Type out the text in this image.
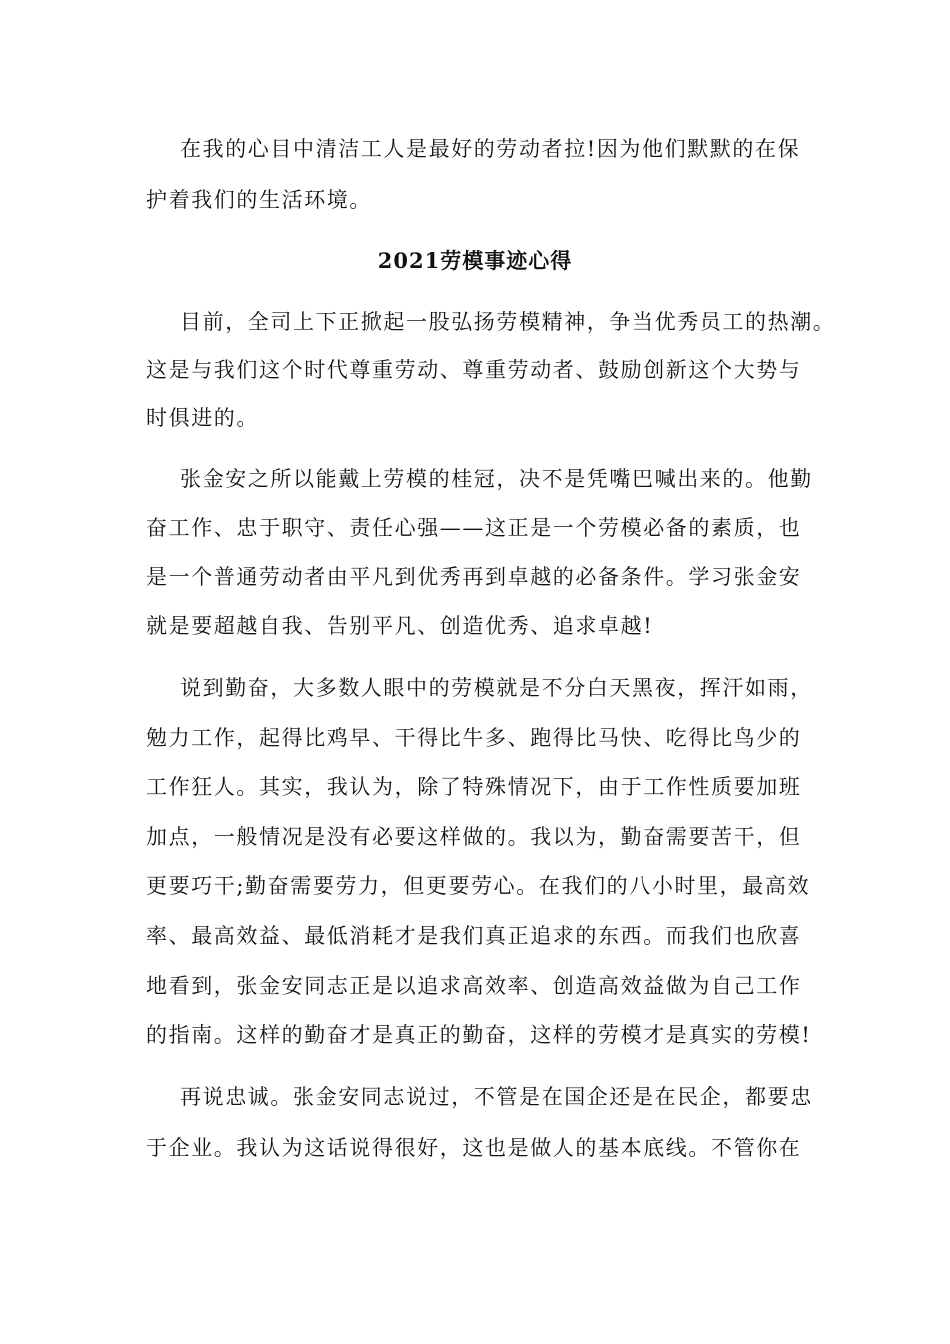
在我的心目中清洁工人是最好的劳动者拉!因为他们默默的在保
护着我们的生活环境。
2021劳模事迹心得
目前，全司上下正掀起一股弘扬劳模精神，争当优秀员工的热潮。
这是与我们这个时代尊重劳动、尊重劳动者、鼓励创新这个大势与
时俱进的。
张金安之所以能戴上劳模的桂冠，决不是凭嘴巴喊出来的。他勤
奋工作、忠于职守、责任心强——这正是一个劳模必备的素质，也
是一个普通劳动者由平凡到优秀再到卓越的必备条件。学习张金安
就是要超越自我、告别平凡、创造优秀、追求卓越!
说到勤奋，大多数人眼中的劳模就是不分白天黑夜，挥汗如雨，
勉力工作，起得比鸡早、干得比牛多、跑得比马快、吃得比鸟少的
工作狂人。其实，我认为，除了特殊情况下，由于工作性质要加班
加点，一般情况是没有必要这样做的。我以为，勤奋需要苦干，但
更要巧干;勤奋需要劳力，但更要劳心。在我们的八小时里，最高效
率、最高效益、最低消耗才是我们真正追求的东西。而我们也欣喜
地看到，张金安同志正是以追求高效率、创造高效益做为自己工作
的指南。这样的勤奋才是真正的勤奋，这样的劳模才是真实的劳模!
再说忠诚。张金安同志说过，不管是在国企还是在民企，都要忠
于企业。我认为这话说得很好，这也是做人的基本底线。不管你在
